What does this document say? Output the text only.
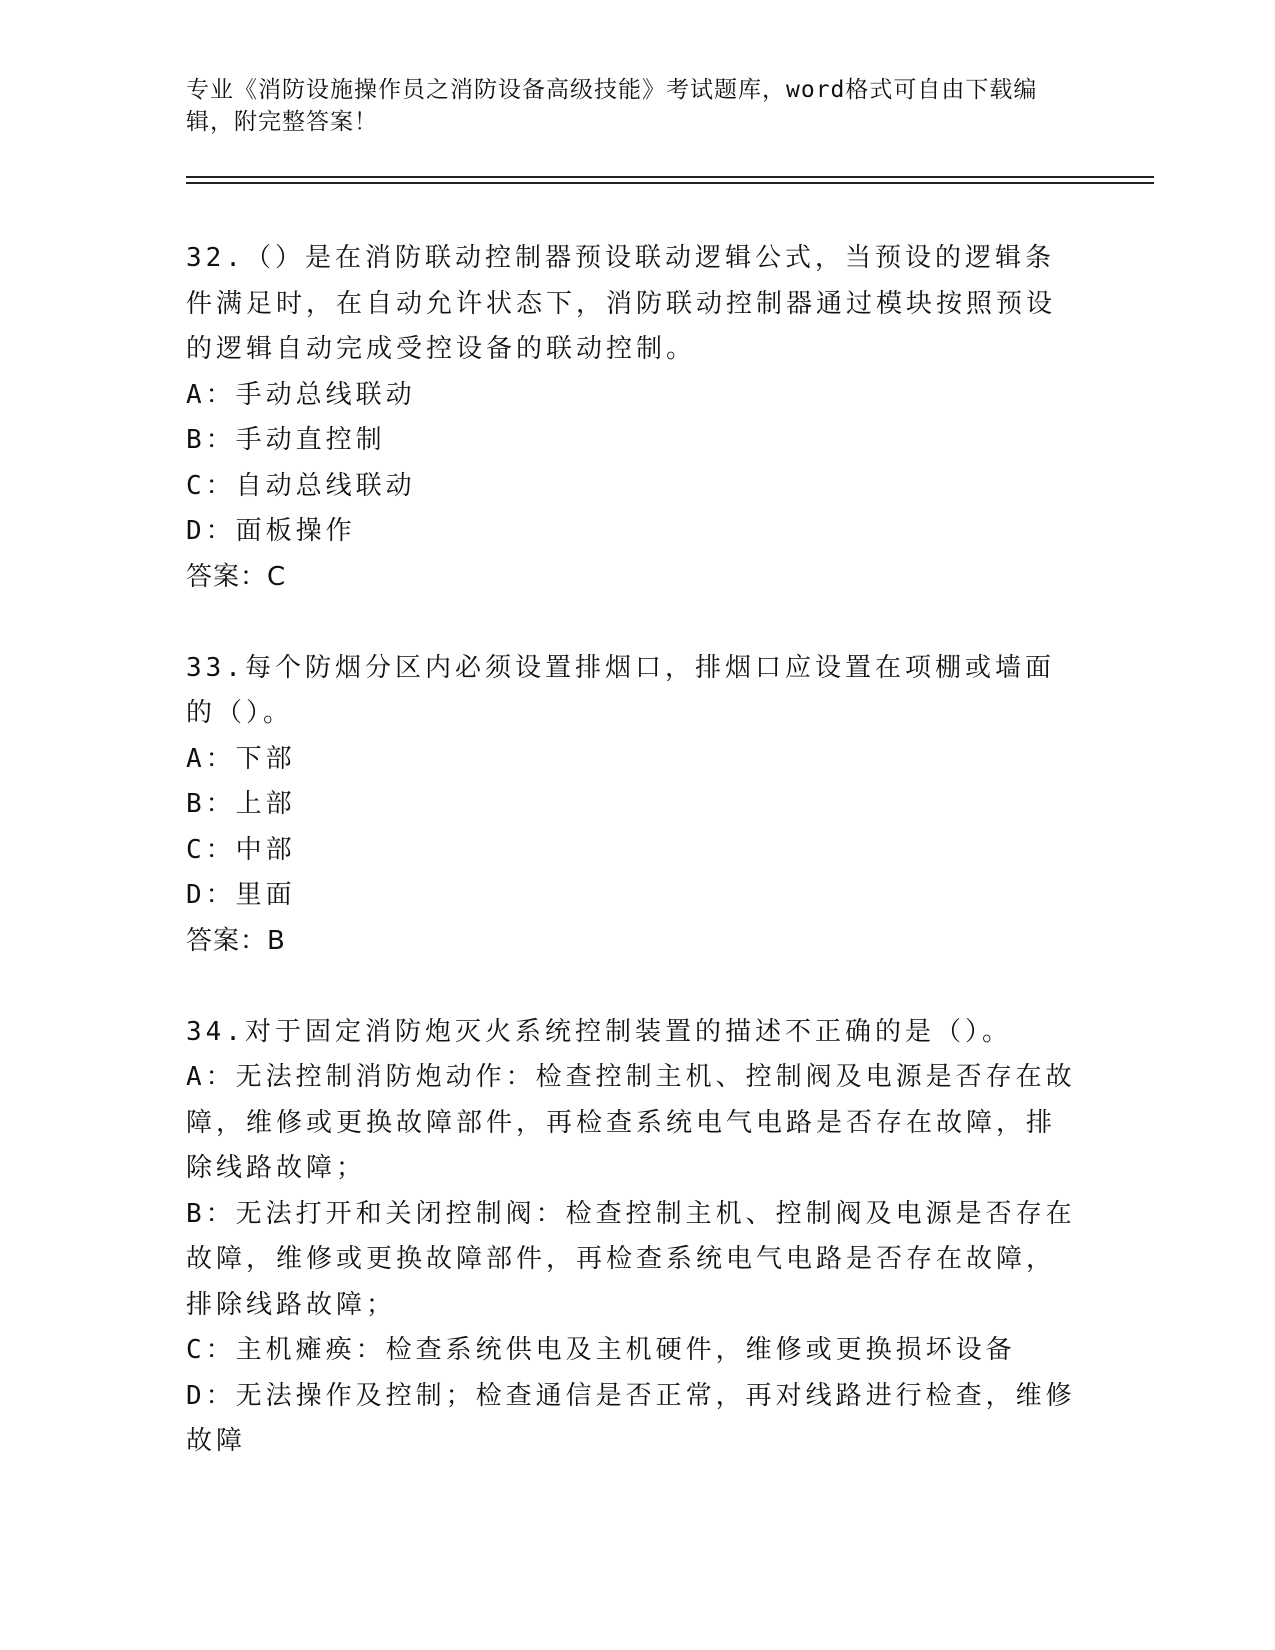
专业《消防设施操作员之消防设备高级技能》考试题库，word格式可自由下载编辑，附完整答案！

32.（）是在消防联动控制器预设联动逻辑公式，当预设的逻辑条件满足时，在自动允许状态下，消防联动控制器通过模块按照预设的逻辑自动完成受控设备的联动控制。

A：手动总线联动

B：手动直控制

C：自动总线联动

D：面板操作

答案：C

33.每个防烟分区内必须设置排烟口，排烟口应设置在项棚或墙面的（）。

A：下部

B：上部

C：中部

D：里面

答案：B

34.对于固定消防炮灭火系统控制装置的描述不正确的是（）。

A：无法控制消防炮动作：检查控制主机、控制阀及电源是否存在故障，维修或更换故障部件，再检查系统电气电路是否存在故障，排除线路故障；

B：无法打开和关闭控制阀：检查控制主机、控制阀及电源是否存在故障，维修或更换故障部件，再检查系统电气电路是否存在故障，排除线路故障；

C：主机瘫痪：检查系统供电及主机硬件，维修或更换损坏设备

D：无法操作及控制；检查通信是否正常，再对线路进行检查，维修故障
